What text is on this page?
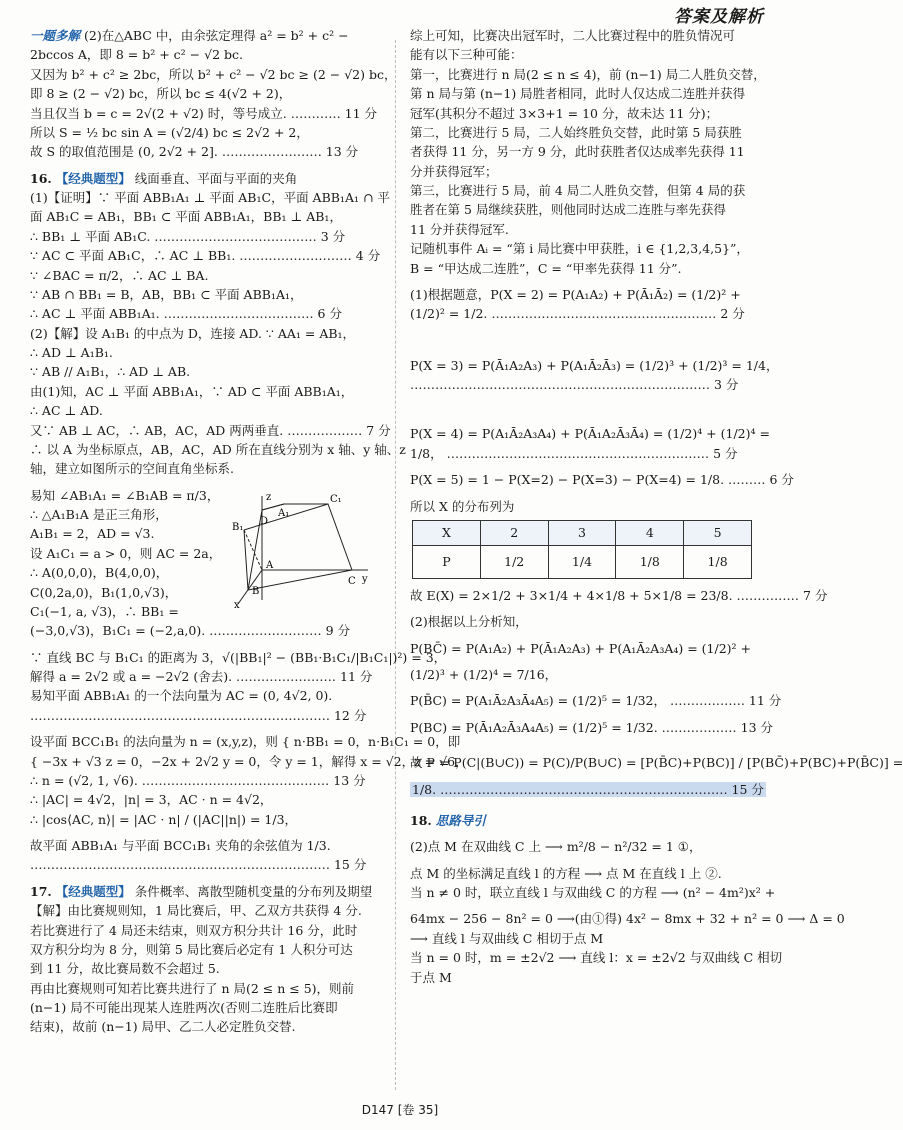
答案及解析
一题多解 (2)在△ABC 中，由余弦定理得 a² = b² + c² −
2bccos A，即 8 = b² + c² − √2 bc.
又因为 b² + c² ≥ 2bc，所以 b² + c² − √2 bc ≥ (2 − √2) bc，
即 8 ≥ (2 − √2) bc，所以 bc ≤ 4(√2 + 2)，
当且仅当 b = c = 2√(2 + √2) 时，等号成立. ………… 11 分
所以 S = ½ bc sin A = (√2/4) bc ≤ 2√2 + 2，
故 S 的取值范围是 (0, 2√2 + 2]. …………………… 13 分
16. 【经典题型】 线面垂直、平面与平面的夹角
(1)【证明】∵ 平面 ABB₁A₁ ⊥ 平面 AB₁C，平面 ABB₁A₁ ∩ 平
面 AB₁C = AB₁，BB₁ ⊂ 平面 ABB₁A₁，BB₁ ⊥ AB₁，
∴ BB₁ ⊥ 平面 AB₁C. ………………………………… 3 分
∵ AC ⊂ 平面 AB₁C，∴ AC ⊥ BB₁. ……………………… 4 分
∵ ∠BAC = π/2，∴ AC ⊥ BA.
∵ AB ∩ BB₁ = B，AB，BB₁ ⊂ 平面 ABB₁A₁，
∴ AC ⊥ 平面 ABB₁A₁. ……………………………… 6 分
(2)【解】设 A₁B₁ 的中点为 D，连接 AD. ∵ AA₁ = AB₁，
∴ AD ⊥ A₁B₁.
∵ AB // A₁B₁，∴ AD ⊥ AB.
由(1)知，AC ⊥ 平面 ABB₁A₁，∵ AD ⊂ 平面 ABB₁A₁，
∴ AC ⊥ AD.
又∵ AB ⊥ AC，∴ AB，AC，AD 两两垂直. ……………… 7 分
∴ 以 A 为坐标原点，AB，AC，AD 所在直线分别为 x 轴、y 轴、z
轴，建立如图所示的空间直角坐标系.
易知 ∠AB₁A₁ = ∠B₁AB = π/3，
∴ △A₁B₁A 是正三角形，
A₁B₁ = 2，AD = √3.
设 A₁C₁ = a > 0，则 AC = 2a，
∴ A(0,0,0)，B(4,0,0)，
C(0,2a,0)，B₁(1,0,√3)，
C₁(−1, a, √3)，∴ BB₁ =
(−3,0,√3)，B₁C₁ = (−2,a,0). ……………………… 9 分
∵ 直线 BC 与 B₁C₁ 的距离为 3，√(|BB₁|² − (BB₁·B₁C₁/|B₁C₁|)²) = 3，
解得 a = 2√2 或 a = −2√2 (舍去). …………………… 11 分
易知平面 ABB₁A₁ 的一个法向量为 AC = (0, 4√2, 0).
……………………………………………………………… 12 分
设平面 BCC₁B₁ 的法向量为 n = (x,y,z)，则 { n·BB₁ = 0，n·B₁C₁ = 0，即
{ −3x + √3 z = 0，−2x + 2√2 y = 0，令 y = 1，解得 x = √2，z = √6，
∴ n = (√2, 1, √6). ……………………………………… 13 分
∴ |AC| = 4√2，|n| = 3，AC · n = 4√2，
∴ |cos⟨AC, n⟩| = |AC · n| / (|AC||n|) = 1/3，
故平面 ABB₁A₁ 与平面 BCC₁B₁ 夹角的余弦值为 1/3.
……………………………………………………………… 15 分
17. 【经典题型】 条件概率、离散型随机变量的分布列及期望
【解】由比赛规则知，1 局比赛后，甲、乙双方共获得 4 分.
若比赛进行了 4 局还未结束，则双方积分共计 16 分，此时
双方积分均为 8 分，则第 5 局比赛后必定有 1 人积分可达
到 11 分，故比赛局数不会超过 5.
再由比赛规则可知若比赛共进行了 n 局(2 ≤ n ≤ 5)，则前
(n−1) 局不可能出现某人连胜两次(否则二连胜后比赛即
结束)，故前 (n−1) 局甲、乙二人必定胜负交替.
z
D
A₁
C₁
B₁
A
C y
B
x
综上可知，比赛决出冠军时，二人比赛过程中的胜负情况可
能有以下三种可能：
第一，比赛进行 n 局(2 ≤ n ≤ 4)，前 (n−1) 局二人胜负交替，
第 n 局与第 (n−1) 局胜者相同，此时人仅达成二连胜并获得
冠军(其积分不超过 3×3+1 = 10 分，故未达 11 分)；
第二，比赛进行 5 局，二人始终胜负交替，此时第 5 局获胜
者获得 11 分，另一方 9 分，此时获胜者仅达成率先获得 11
分并获得冠军；
第三，比赛进行 5 局，前 4 局二人胜负交替，但第 4 局的获
胜者在第 5 局继续获胜，则他同时达成二连胜与率先获得
11 分并获得冠军.
记随机事件 Aᵢ = “第 i 局比赛中甲获胜，i ∈ {1,2,3,4,5}”，
B = “甲达成二连胜”，C = “甲率先获得 11 分”.
(1)根据题意，P(X = 2) = P(A₁A₂) + P(Ā₁Ā₂) = (1/2)² +
(1/2)² = 1/2. ……………………………………………… 2 分
P(X = 3) = P(Ā₁A₂A₃) + P(A₁Ā₂Ā₃) = (1/2)³ + (1/2)³ = 1/4，
……………………………………………………………… 3 分
P(X = 4) = P(A₁Ā₂A₃A₄) + P(Ā₁A₂Ā₃Ā₄) = (1/2)⁴ + (1/2)⁴ =
1/8， ……………………………………………………… 5 分
P(X = 5) = 1 − P(X=2) − P(X=3) − P(X=4) = 1/8. ……… 6 分
所以 X 的分布列为
X	2	3	4	5
P	1/2	1/4	1/8	1/8
故 E(X) = 2×1/2 + 3×1/4 + 4×1/8 + 5×1/8 = 23/8. …………… 7 分
(2)根据以上分析知，
P(BC̄) = P(A₁A₂) + P(Ā₁A₂A₃) + P(A₁Ā₂A₃A₄) = (1/2)² +
(1/2)³ + (1/2)⁴ = 7/16，
P(B̄C) = P(A₁Ā₂A₃Ā₄A₅) = (1/2)⁵ = 1/32， ……………… 11 分
P(BC) = P(Ā₁A₂Ā₃A₄A₅) = (1/2)⁵ = 1/32. ……………… 13 分
故 P = P(C|(B∪C)) = P(C)/P(B∪C) = [P(B̄C)+P(BC)] / [P(BC̄)+P(BC)+P(B̄C)] =
1/8. …………………………………………………………… 15 分
18. 思路导引
(2)点 M 在双曲线 C 上 ⟶ m²/8 − n²/32 = 1 ①，
点 M 的坐标满足直线 l 的方程 ⟶ 点 M 在直线 l 上 ②.
当 n ≠ 0 时，联立直线 l 与双曲线 C 的方程 ⟶ (n² − 4m²)x² +
64mx − 256 − 8n² = 0 ⟶(由①得) 4x² − 8mx + 32 + n² = 0 ⟶ Δ = 0
⟶ 直线 l 与双曲线 C 相切于点 M
当 n = 0 时，m = ±2√2 ⟶ 直线 l：x = ±2√2 与双曲线 C 相切
于点 M
D147 [卷 35]
